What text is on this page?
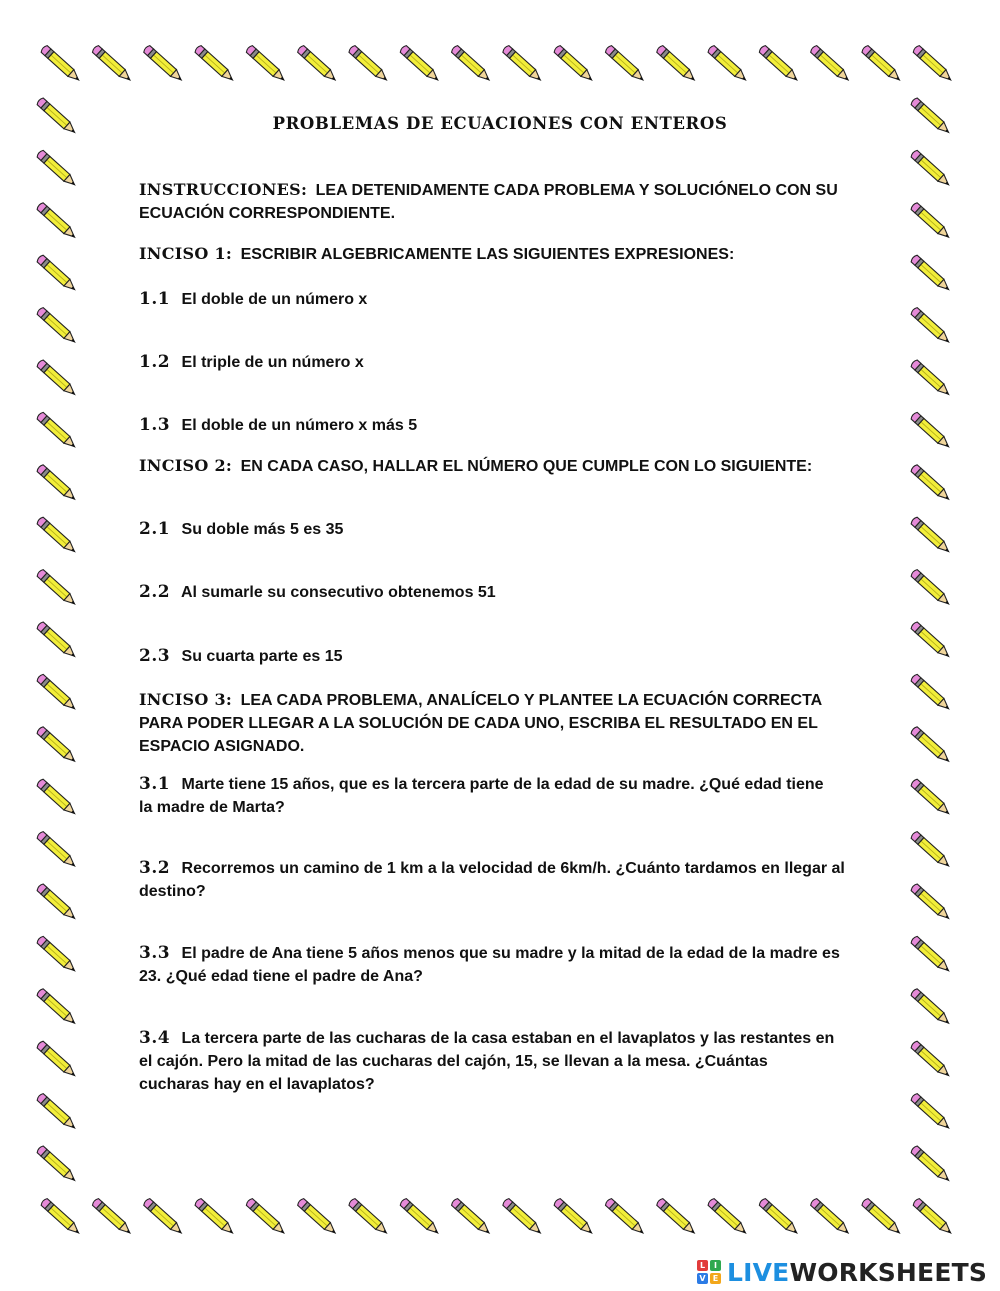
PROBLEMAS DE ECUACIONES CON ENTEROS
INSTRUCCIONES: LEA DETENIDAMENTE CADA PROBLEMA Y SOLUCIÓNELO CON SU ECUACIÓN CORRESPONDIENTE.
INCISO 1: ESCRIBIR ALGEBRICAMENTE LAS SIGUIENTES EXPRESIONES:
1.1 El doble de un número x
1.2 El triple de un número x
1.3 El doble de un número x más 5
INCISO 2: EN CADA CASO, HALLAR EL NÚMERO QUE CUMPLE CON LO SIGUIENTE:
2.1 Su doble más 5 es 35
2.2 Al sumarle su consecutivo obtenemos 51
2.3 Su cuarta parte es 15
INCISO 3: LEA CADA PROBLEMA, ANALÍCELO Y PLANTEE LA ECUACIÓN CORRECTA PARA PODER LLEGAR A LA SOLUCIÓN DE CADA UNO, ESCRIBA EL RESULTADO EN EL ESPACIO ASIGNADO.
3.1 Marte tiene 15 años, que es la tercera parte de la edad de su madre. ¿Qué edad tiene la madre de Marta?
3.2 Recorremos un camino de 1 km a la velocidad de 6km/h. ¿Cuánto tardamos en llegar al destino?
3.3 El padre de Ana tiene 5 años menos que su madre y la mitad de la edad de la madre es 23. ¿Qué edad tiene el padre de Ana?
3.4 La tercera parte de las cucharas de la casa estaban en el lavaplatos y las restantes en el cajón. Pero la mitad de las cucharas del cajón, 15, se llevan a la mesa. ¿Cuántas cucharas hay en el lavaplatos?
L	I
V E LIVEWORKSHEETS
